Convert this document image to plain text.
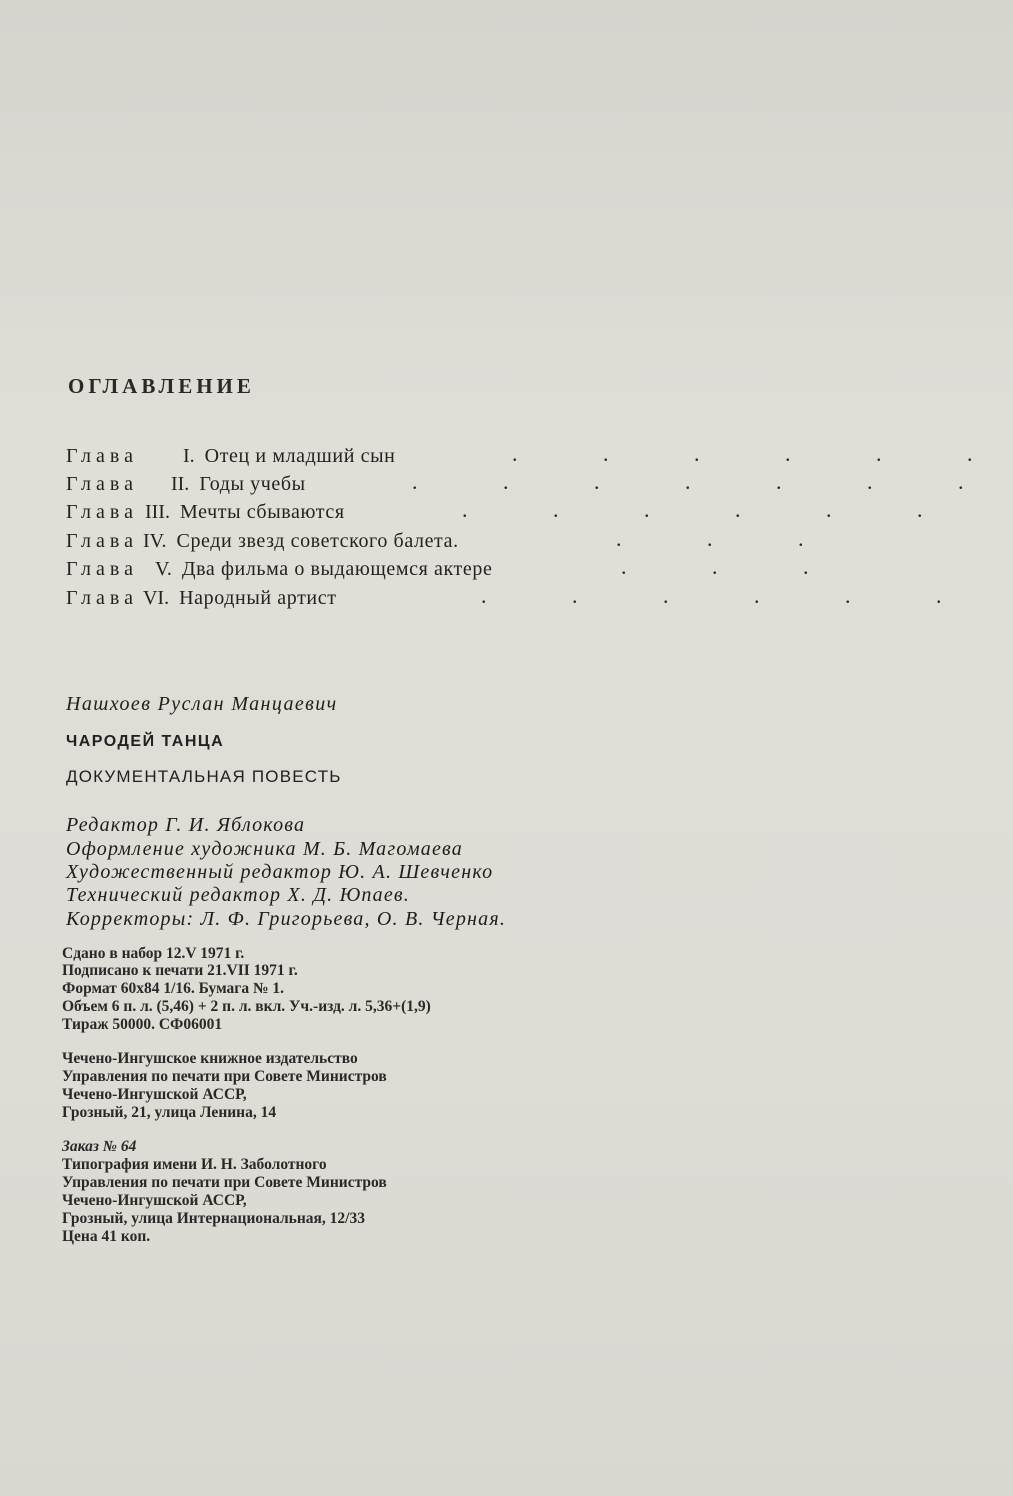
ОГЛАВЛЕНИЕ
Глава I. Отец и младший сын	. . . . . .
Глава II. Годы учебы	. . . . . . .
Глава III. Мечты сбываются	. . . . . .
Глава IV. Среди звезд советского балета.	. . .
Глава V. Два фильма о выдающемся актере	. . .
Глава VI. Народный артист	. . . . . .
Нашхоев Руслан Манцаевич
ЧАРОДЕЙ ТАНЦА
ДОКУМЕНТАЛЬНАЯ ПОВЕСТЬ
Редактор Г. И. Яблокова
Оформление художника М. Б. Магомаева
Художественный редактор Ю. А. Шевченко
Технический редактор Х. Д. Юпаев.
Корректоры: Л. Ф. Григорьева, О. В. Черная.
Сдано в набор 12.V 1971 г.
Подписано к печати 21.VII 1971 г.
Формат 60x84 1/16. Бумага № 1.
Объем 6 п. л. (5,46) + 2 п. л. вкл. Уч.-изд. л. 5,36+(1,9)
Тираж 50000. СФ06001
Чечено-Ингушское книжное издательство
Управления по печати при Совете Министров
Чечено-Ингушской АССР,
Грозный, 21, улица Ленина, 14
Заказ № 64
Типография имени И. Н. Заболотного
Управления по печати при Совете Министров
Чечено-Ингушской АССР,
Грозный, улица Интернациональная, 12/33
Цена 41 коп.
